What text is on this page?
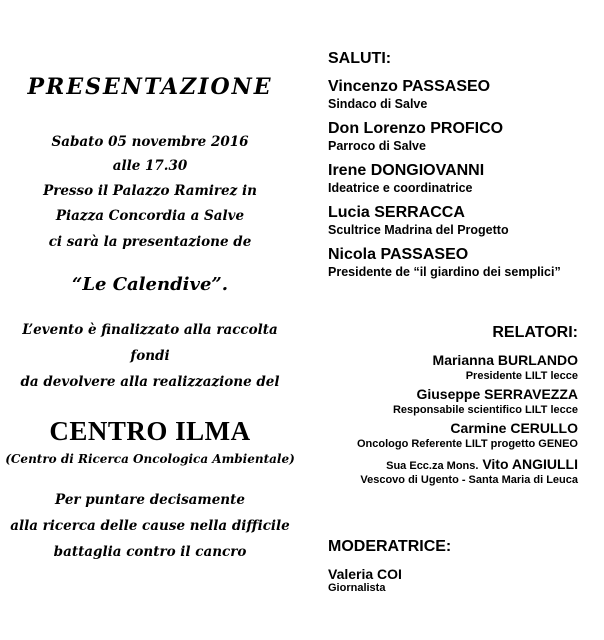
PRESENTAZIONE
Sabato 05 novembre 2016
alle 17.30
Presso il Palazzo Ramirez in
Piazza Concordia a Salve
ci sarà la presentazione de
“Le Calendive”.
L’evento è finalizzato alla raccolta
fondi
da devolvere alla realizzazione del
CENTRO ILMA
(Centro di Ricerca Oncologica Ambientale)
Per puntare decisamente
alla ricerca delle cause nella difficile
battaglia contro il cancro
SALUTI:
Vincenzo PASSASEO
Sindaco di Salve
Don Lorenzo PROFICO
Parroco di Salve
Irene DONGIOVANNI
Ideatrice e coordinatrice
Lucia SERRACCA
Scultrice Madrina del Progetto
Nicola PASSASEO
Presidente de “il giardino dei semplici”
RELATORI:
Marianna BURLANDO
Presidente LILT lecce
Giuseppe SERRAVEZZA
Responsabile scientifico LILT lecce
Carmine CERULLO
Oncologo Referente LILT progetto GENEO
Sua Ecc.za Mons. Vito ANGIULLI
Vescovo di Ugento - Santa Maria di Leuca
MODERATRICE:
Valeria COI
Giornalista
